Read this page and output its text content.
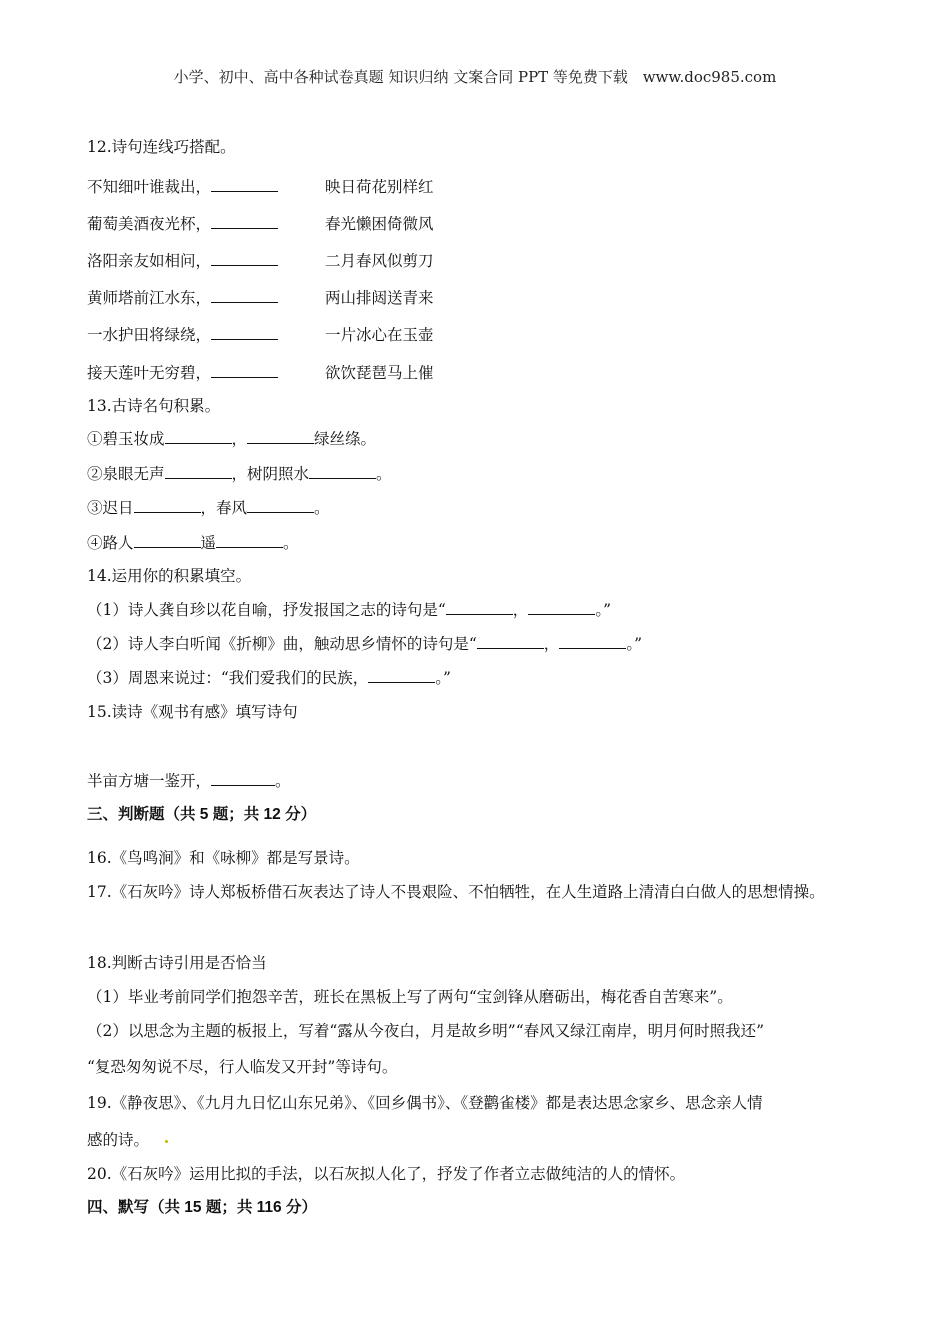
小学、初中、高中各种试卷真题 知识归纳 文案合同 PPT 等免费下载 www.doc985.com
12.诗句连线巧搭配。
不知细叶谁裁出，	映日荷花别样红
葡萄美酒夜光杯，	春光懒困倚微风
洛阳亲友如相问，	二月春风似剪刀
黄师塔前江水东，	两山排闼送青来
一水护田将绿绕，	一片冰心在玉壶
接天莲叶无穷碧，	欲饮琵琶马上催
13.古诗名句积累。
①碧玉妆成	，	绿丝绦。
②泉眼无声	，树阴照水	。
③迟日	，春风	。
④路人	遥	。
14.运用你的积累填空。
（1）诗人龚自珍以花自喻，抒发报国之志的诗句是“	，	。”
（2）诗人李白听闻《折柳》曲，触动思乡情怀的诗句是“	，	。”
（3）周恩来说过：“我们爱我们的民族，	。”
15.读诗《观书有感》填写诗句
半亩方塘一鉴开，	。
三、判断题（共 5 题；共 12 分）
16.《鸟鸣涧》和《咏柳》都是写景诗。
17.《石灰吟》诗人郑板桥借石灰表达了诗人不畏艰险、不怕牺牲，在人生道路上清清白白做人的思想情操。
18.判断古诗引用是否恰当
（1）毕业考前同学们抱怨辛苦，班长在黑板上写了两句“宝剑锋从磨砺出，梅花香自苦寒来”。
（2）以思念为主题的板报上，写着“露从今夜白，月是故乡明”“春风又绿江南岸，明月何时照我还”
“复恐匆匆说不尽，行人临发又开封”等诗句。
19.《静夜思》、《九月九日忆山东兄弟》、《回乡偶书》、《登鹳雀楼》都是表达思念家乡、思念亲人情
感的诗。
20.《石灰吟》运用比拟的手法，以石灰拟人化了，抒发了作者立志做纯洁的人的情怀。
四、默写（共 15 题；共 116 分）
